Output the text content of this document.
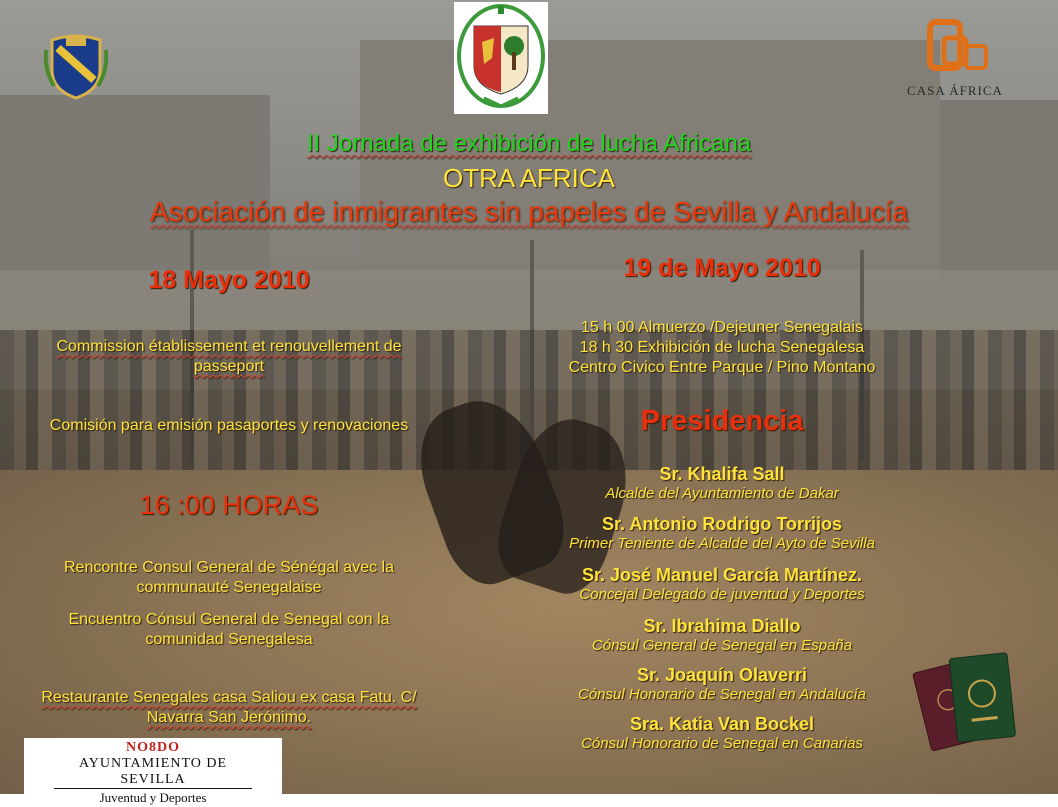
CASA ÁFRICA
II Jornada de exhibición de lucha Africana
OTRA AFRICA
Asociación de inmigrantes sin papeles de Sevilla y Andalucía
18 Mayo 2010
Commission établissement et renouvellement de passeport
Comisión para emisión pasaportes y renovaciones
16 :00 HORAS
Rencontre Consul General de Sénégal avec la communauté Senegalaise
Encuentro Cónsul General de Senegal con la comunidad Senegalesa
Restaurante Senegales casa Saliou ex casa Fatu. C/ Navarra San Jerónimo.
19 de Mayo 2010
15 h 00 Almuerzo /Dejeuner Senegalais
18 h 30 Exhibición de lucha Senegalesa
Centro Civico Entre Parque / Pino Montano
Presidencia
Sr. Khalifa Sall
Alcalde del Ayuntamiento de Dakar
Sr. Antonio Rodrigo Torrijos
Primer Teniente de Alcalde del Ayto de Sevilla
Sr. José Manuel García Martínez.
Concejal Delegado de juventud y Deportes
Sr. Ibrahima Diallo
Cónsul General de Senegal en España
Sr. Joaquín Olaverri
Cónsul Honorario de Senegal en Andalucía
Sra. Katia Van Bockel
Cónsul Honorario de Senegal en Canarias
NO8DO
AYUNTAMIENTO DE SEVILLA
Juventud y Deportes
